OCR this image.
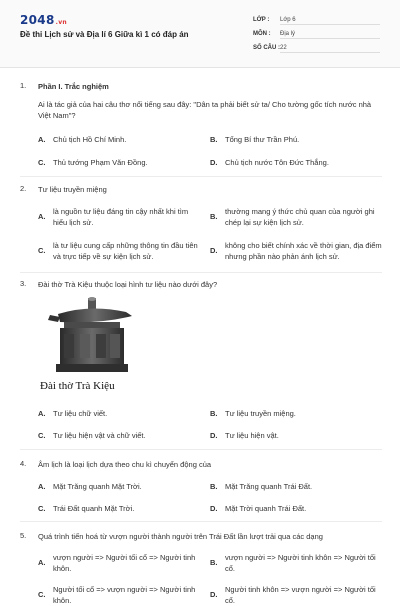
2048.vn
Đề thi Lịch sử và Địa lí 6 Giữa kì 1 có đáp án
LỚP : Lớp 6
MÔN : Địa lý
SỐ CÂU :22
1. Phần I. Trắc nghiệm
Ai là tác giả của hai câu thơ nổi tiếng sau đây: "Dân ta phải biết sử ta/ Cho tường gốc tích nước nhà Việt Nam"?
A. Chủ tịch Hồ Chí Minh.	B. Tổng Bí thư Trần Phú.
C. Thủ tướng Phạm Văn Đồng.	D. Chủ tịch nước Tôn Đức Thắng.
2. Tư liệu truyền miệng
A.
là nguồn tư liệu đáng tin cậy nhất khi tìm hiểu lịch sử.
B.
thường mang ý thức chủ quan của người ghi chép lại sự kiện lịch sử.
C.
là tư liệu cung cấp những thông tin đầu tiên và trực tiếp về sự kiện lịch sử.
D.
không cho biết chính xác về thời gian, địa điểm nhưng phần nào phản ánh lịch sử.
3. Đài thờ Trà Kiệu thuộc loại hình tư liệu nào dưới đây?
Đài thờ Trà Kiệu
A. Tư liệu chữ viết.	B. Tư liệu truyền miệng.
C. Tư liệu hiện vật và chữ viết.	D. Tư liệu hiện vật.
4. Âm lịch là loại lịch dựa theo chu kì chuyển động của
A. Mặt Trăng quanh Mặt Trời.	B. Mặt Trăng quanh Trái Đất.
C. Trái Đất quanh Mặt Trời.	D. Mặt Trời quanh Trái Đất.
5. Quá trình tiến hoá từ vượn người thành người trên Trái Đất lần lượt trải qua các dạng
A.
vượn người => Người tối cổ => Người tinh khôn.
B.
vượn người => Người tinh khôn => Người tối cổ.
C.
Người tối cổ => vượn người => Người tinh khôn.
D.
Người tinh khôn => vượn người => Người tối cổ.
